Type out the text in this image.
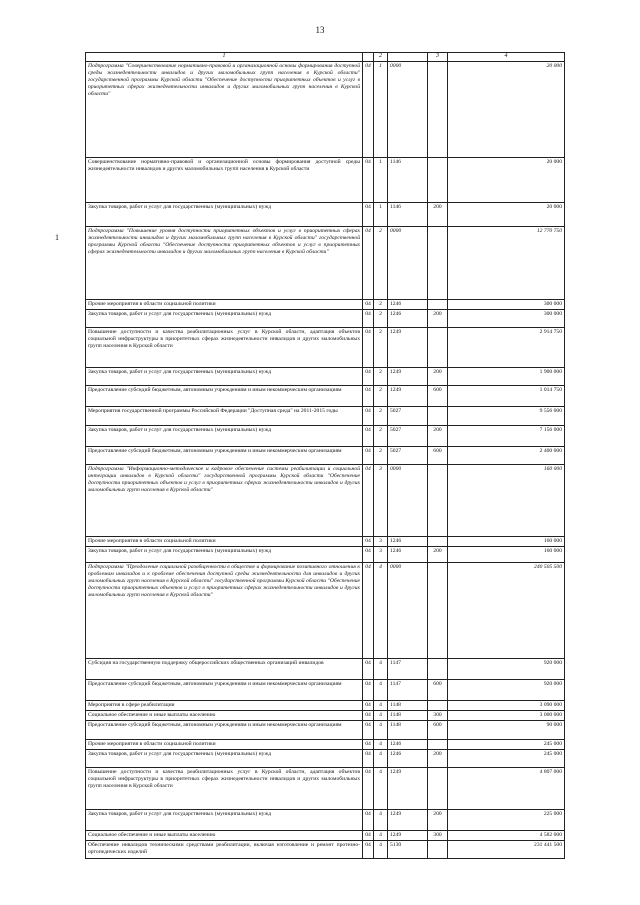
13
1
1		2		3	4
Подпрограмма "Совершенствование нормативно-правовой и организационной основы формирования доступной среды жизнедеятельности инвалидов и других маломобильных групп населения в Курской области" государственной программы Курской области "Обеспечение доступности приоритетных объектов и услуг в приоритетных сферах жизнедеятельности инвалидов и других маломобильных групп населения в Курской области"	04	1	0000		20 000
Совершенствование нормативно-правовой и организационной основы формирования доступной среды жизнедеятельности инвалидов и других маломобильных групп населения в Курской области	04	1	1146		20 000
Закупка товаров, работ и услуг для государственных (муниципальных) нужд	04	1	1146	200	20 000
Подпрограмма "Повышение уровня доступности приоритетных объектов и услуг в приоритетных сферах жизнедеятельности инвалидов и других маломобильных групп населения в Курской области" государственной программы Курской области "Обеспечение доступности приоритетных объектов и услуг в приоритетных сферах жизнедеятельности инвалидов и других маломобильных групп населения в Курской области"	04	2	0000		12 770 750
Прочие мероприятия в области социальной политики	04	2	1246		300 000
Закупка товаров, работ и услуг для государственных (муниципальных) нужд	04	2	1246	200	300 000
Повышение доступности и качества реабилитационных услуг в Курской области, адаптация объектов социальной инфраструктуры в приоритетных сферах жизнедеятельности инвалидов и других маломобильных групп населения в Курской области	04	2	1249		2 914 750
Закупка товаров, работ и услуг для государственных (муниципальных) нужд	04	2	1249	200	1 900 000
Предоставление субсидий бюджетным, автономным учреждениям и иным некоммерческим организациям	04	2	1249	600	1 014 750
Мероприятия государственной программы Российской Федерации "Доступная среда" на 2011-2015 годы	04	2	5027		9 556 000
Закупка товаров, работ и услуг для государственных (муниципальных) нужд	04	2	5027	200	7 156 000
Предоставление субсидий бюджетным, автономным учреждениям и иным некоммерческим организациям	04	2	5027	600	2 400 000
Подпрограмма "Информационно-методическое и кадровое обеспечение системы реабилитации и социальной интеграции инвалидов в Курской области" государственной программы Курской области "Обеспечение доступности приоритетных объектов и услуг в приоритетных сферах жизнедеятельности инвалидов и других маломобильных групп населения в Курской области"	04	3	0000		160 000
Прочие мероприятия в области социальной политики	04	3	1246		160 000
Закупка товаров, работ и услуг для государственных (муниципальных) нужд	04	3	1246	200	160 000
Подпрограмма "Преодоление социальной разобщенности в обществе и формирование позитивного отношения к проблемам инвалидов и к проблеме обеспечения доступной среды жизнедеятельности для инвалидов и других маломобильных групп населения в Курской области" государственной программы Курской области "Обеспечение доступности приоритетных объектов и услуг в приоритетных сферах жизнедеятельности инвалидов и других маломобильных групп населения в Курской области"	04	4	0000		240 505 500
Субсидия на государственную поддержку общероссийских общественных организаций инвалидов	04	4	1147		920 000
Предоставление субсидий бюджетным, автономным учреждениям и иным некоммерческим организациям	04	4	1147	600	920 000
Мероприятия в сфере реабилитации	04	4	1148		3 090 000
Социальное обеспечение и иные выплаты населению	04	4	1148	300	3 000 000
Предоставление субсидий бюджетным, автономным учреждениям и иным некоммерческим организациям	04	4	1148	600	90 000
Прочие мероприятия в области социальной политики	04	4	1246		245 000
Закупка товаров, работ и услуг для государственных (муниципальных) нужд	04	4	1246	200	245 000
Повышение доступности и качества реабилитационных услуг в Курской области, адаптация объектов социальной инфраструктуры в приоритетных сферах жизнедеятельности инвалидов и других маломобильных групп населения в Курской области	04	4	1249		4 807 000
Закупка товаров, работ и услуг для государственных (муниципальных) нужд	04	4	1249	200	225 000
Социальное обеспечение и иные выплаты населению	04	4	1249	300	4 582 000
Обеспечение инвалидов техническими средствами реабилитации, включая изготовление и ремонт протезно-ортопедических изделий	04	4	5130		231 441 500
